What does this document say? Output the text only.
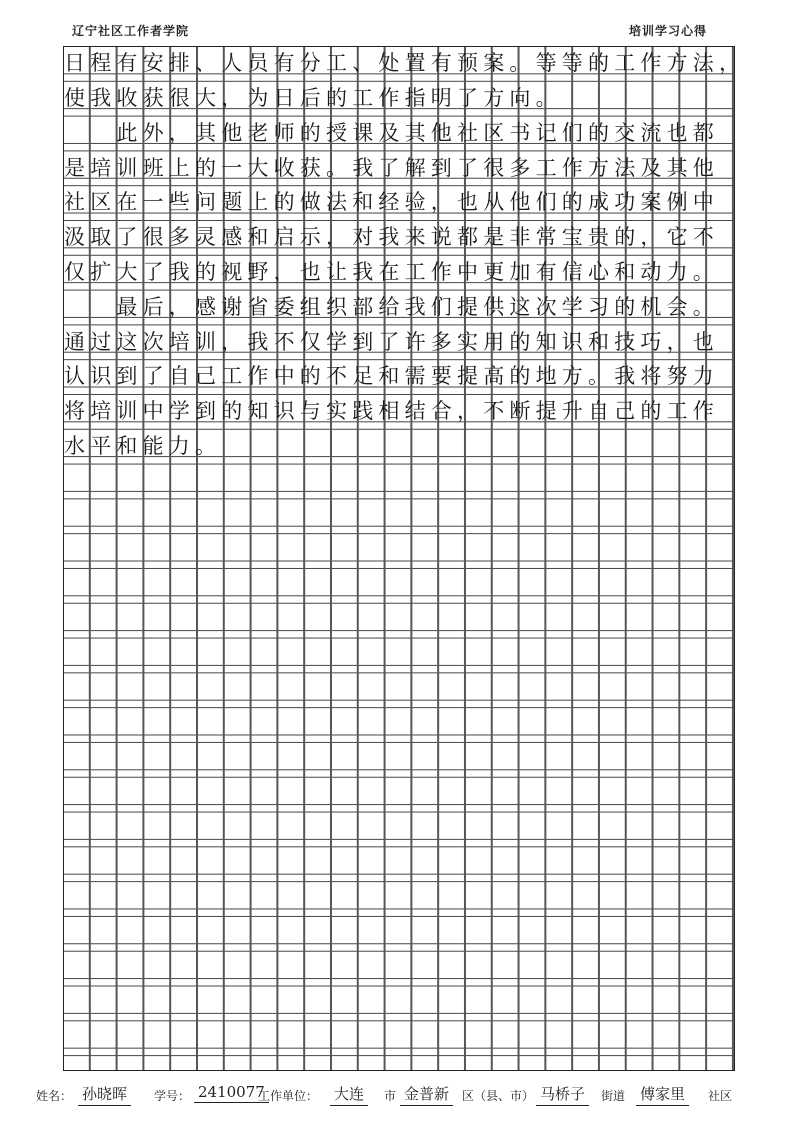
辽宁社区工作者学院	培训学习心得
日程有安排、人员有分工、处置有预案。等等的工作方法，
使我收获很大，为日后的工作指明了方向。
　　此外，其他老师的授课及其他社区书记们的交流也都
是培训班上的一大收获。我了解到了很多工作方法及其他
社区在一些问题上的做法和经验，也从他们的成功案例中
汲取了很多灵感和启示，对我来说都是非常宝贵的，它不
仅扩大了我的视野，也让我在工作中更加有信心和动力。
　　最后，感谢省委组织部给我们提供这次学习的机会。
通过这次培训，我不仅学到了许多实用的知识和技巧，也
认识到了自己工作中的不足和需要提高的地方。我将努力
将培训中学到的知识与实践相结合，不断提升自己的工作
水平和能力。
姓名： 孙晓晖	学号： 2410077
工作单位： 大连	市 金普新	区（县、市） 马桥子	街道 傅家里	社区
